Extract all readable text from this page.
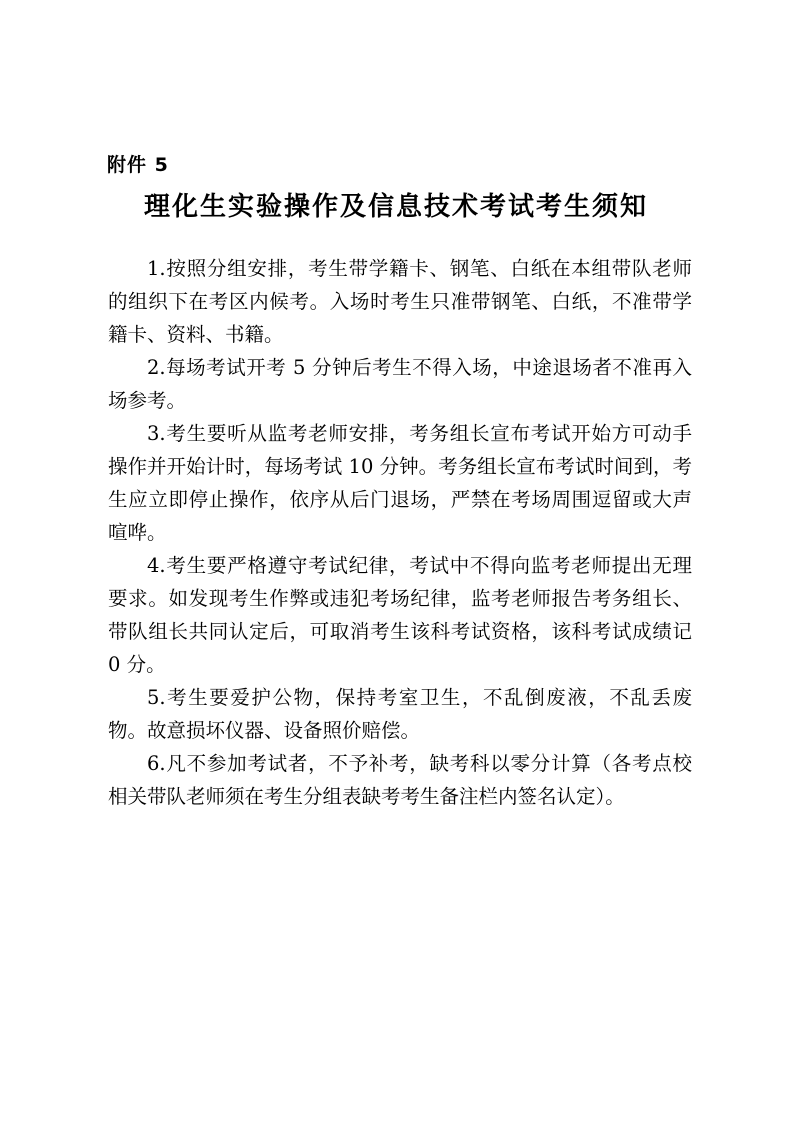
附件 5
理化生实验操作及信息技术考试考生须知

1.按照分组安排，考生带学籍卡、钢笔、白纸在本组带队老师的组织下在考区内候考。入场时考生只准带钢笔、白纸，不准带学籍卡、资料、书籍。

2.每场考试开考 5 分钟后考生不得入场，中途退场者不准再入场参考。

3.考生要听从监考老师安排，考务组长宣布考试开始方可动手操作并开始计时，每场考试 10 分钟。考务组长宣布考试时间到，考生应立即停止操作，依序从后门退场，严禁在考场周围逗留或大声喧哗。

4.考生要严格遵守考试纪律，考试中不得向监考老师提出无理要求。如发现考生作弊或违犯考场纪律，监考老师报告考务组长、带队组长共同认定后，可取消考生该科考试资格，该科考试成绩记 0 分。

5.考生要爱护公物，保持考室卫生，不乱倒废液，不乱丢废物。故意损坏仪器、设备照价赔偿。

6.凡不参加考试者，不予补考，缺考科以零分计算（各考点校相关带队老师须在考生分组表缺考考生备注栏内签名认定）。
